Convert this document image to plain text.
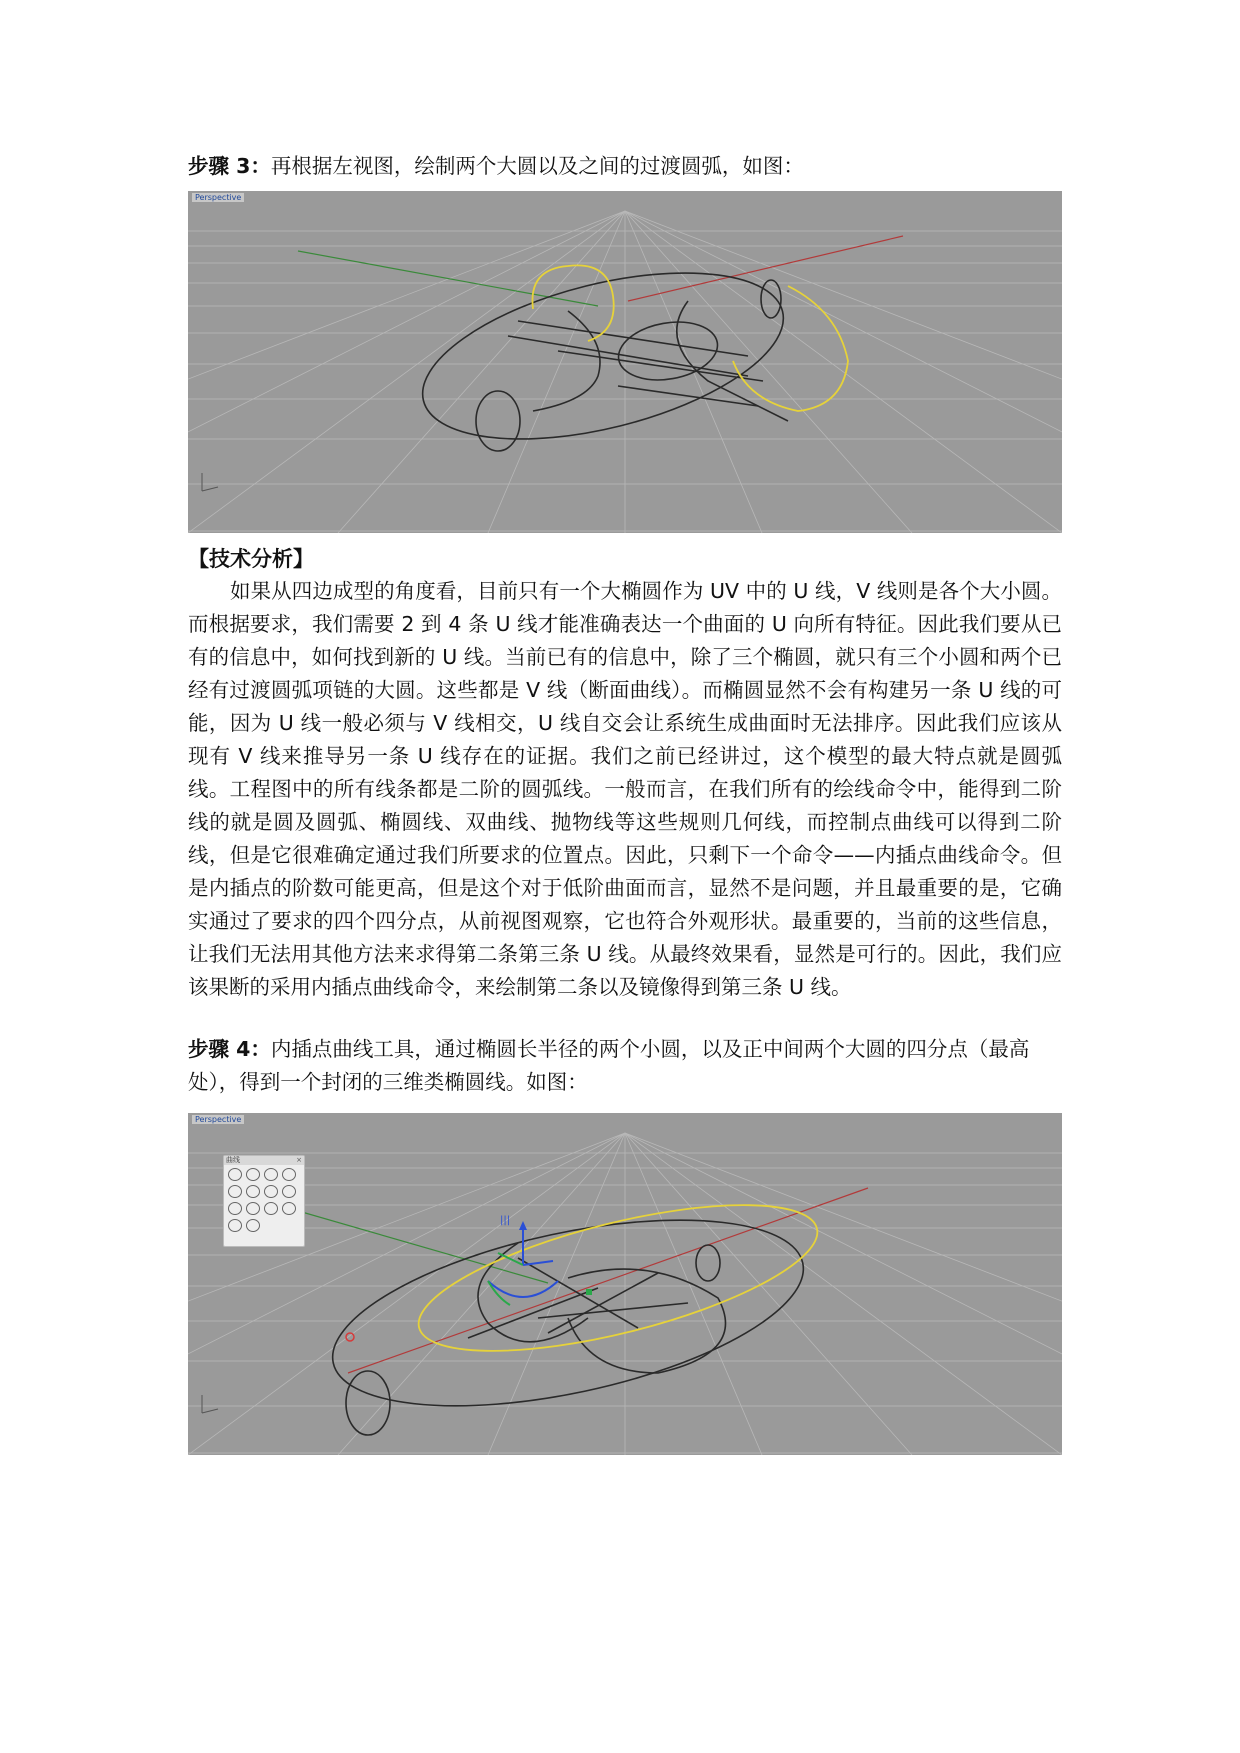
步骤 3：再根据左视图，绘制两个大圆以及之间的过渡圆弧，如图：

Perspective
【技术分析】

如果从四边成型的角度看，目前只有一个大椭圆作为 UV 中的 U 线，V 线则是各个大小圆。而根据要求，我们需要 2 到 4 条 U 线才能准确表达一个曲面的 U 向所有特征。因此我们要从已有的信息中，如何找到新的 U 线。当前已有的信息中，除了三个椭圆，就只有三个小圆和两个已经有过渡圆弧项链的大圆。这些都是 V 线（断面曲线）。而椭圆显然不会有构建另一条 U 线的可能，因为 U 线一般必须与 V 线相交，U 线自交会让系统生成曲面时无法排序。因此我们应该从现有 V 线来推导另一条 U 线存在的证据。我们之前已经讲过，这个模型的最大特点就是圆弧线。工程图中的所有线条都是二阶的圆弧线。一般而言，在我们所有的绘线命令中，能得到二阶线的就是圆及圆弧、椭圆线、双曲线、抛物线等这些规则几何线，而控制点曲线可以得到二阶线，但是它很难确定通过我们所要求的位置点。因此，只剩下一个命令——内插点曲线命令。但是内插点的阶数可能更高，但是这个对于低阶曲面而言，显然不是问题，并且最重要的是，它确实通过了要求的四个四分点，从前视图观察，它也符合外观形状。最重要的，当前的这些信息，让我们无法用其他方法来求得第二条第三条 U 线。从最终效果看，显然是可行的。因此，我们应该果断的采用内插点曲线命令，来绘制第二条以及镜像得到第三条 U 线。

步骤 4：内插点曲线工具，通过椭圆长半径的两个小圆，以及正中间两个大圆的四分点（最高处），得到一个封闭的三维类椭圆线。如图：

|||
Perspective
曲线	×
